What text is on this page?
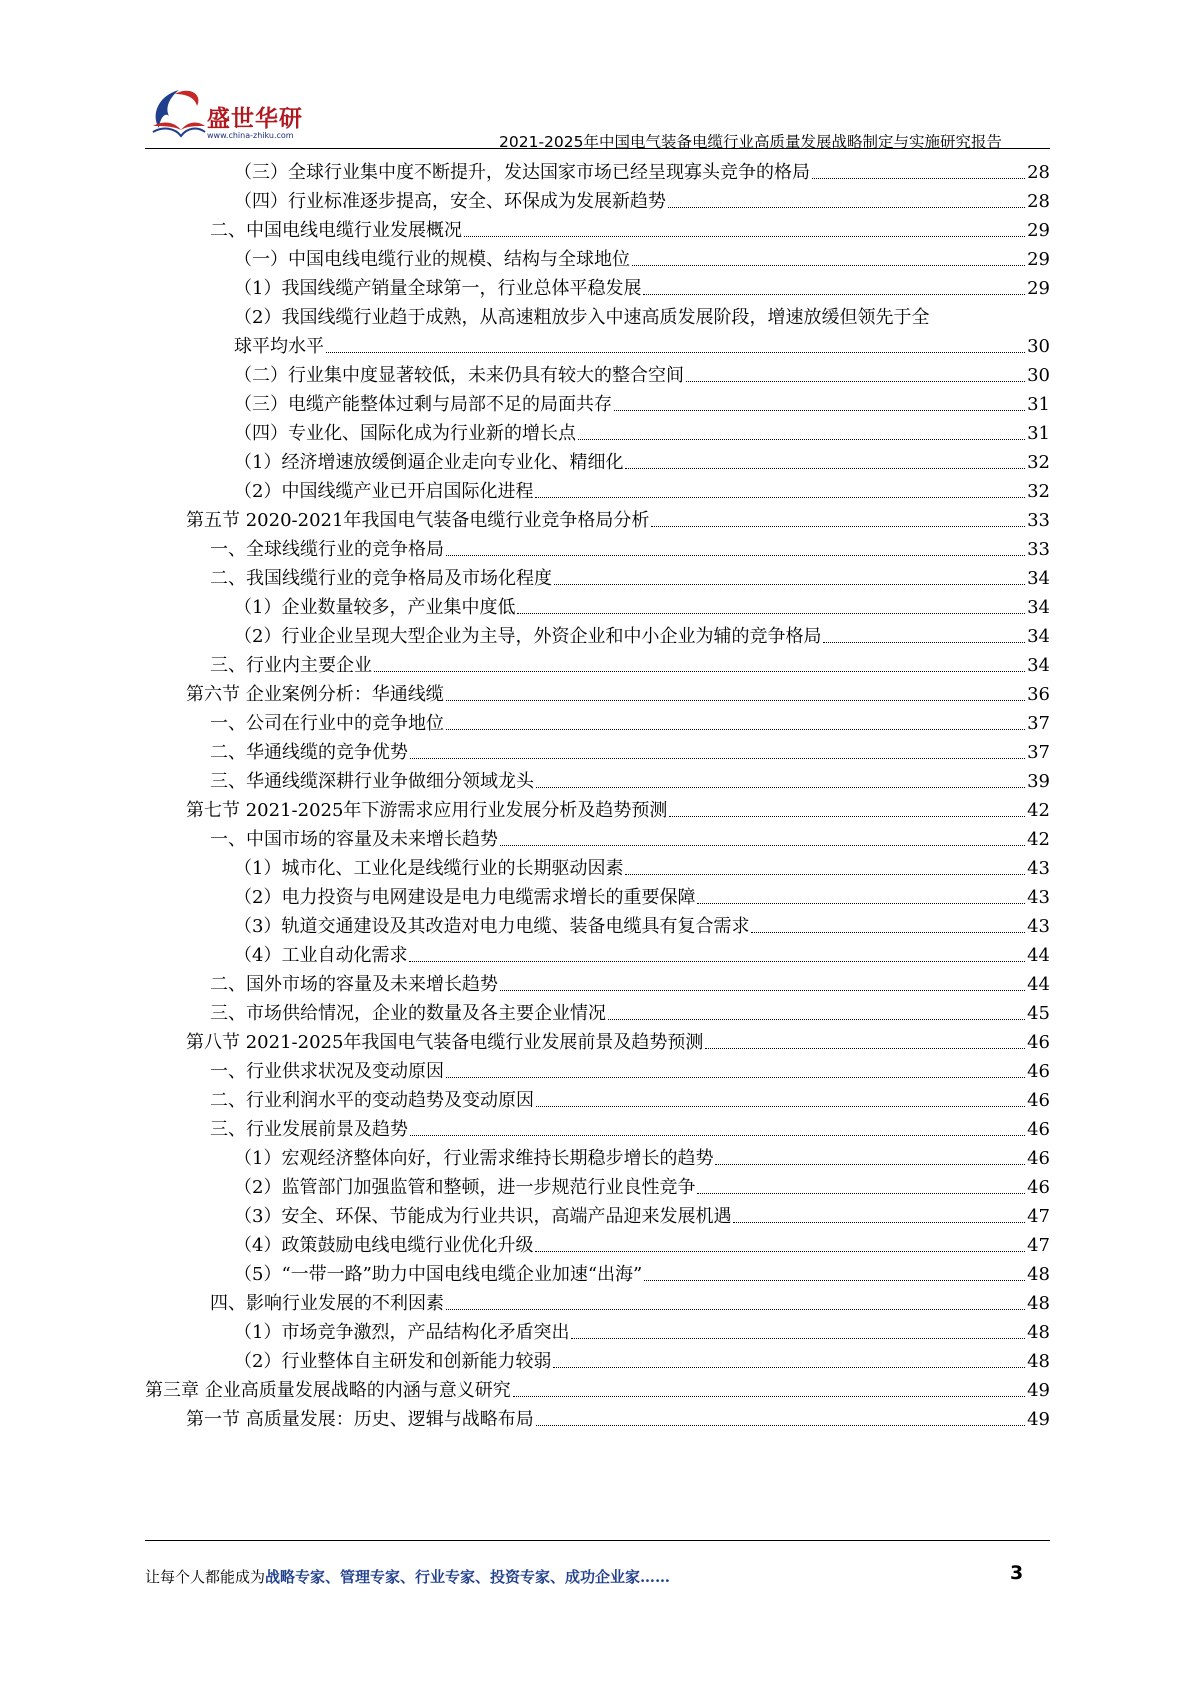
盛世华研
www.china-zhiku.com	2021-2025年中国电气装备电缆行业高质量发展战略制定与实施研究报告
（三）全球行业集中度不断提升，发达国家市场已经呈现寡头竞争的格局	28
（四）行业标准逐步提高，安全、环保成为发展新趋势	28
二、中国电线电缆行业发展概况	29
（一）中国电线电缆行业的规模、结构与全球地位	29
（1）我国线缆产销量全球第一，行业总体平稳发展	29
（2）我国线缆行业趋于成熟，从高速粗放步入中速高质发展阶段，增速放缓但领先于全
球平均水平	30
（二）行业集中度显著较低，未来仍具有较大的整合空间	30
（三）电缆产能整体过剩与局部不足的局面共存	31
（四）专业化、国际化成为行业新的增长点	31
（1）经济增速放缓倒逼企业走向专业化、精细化	32
（2）中国线缆产业已开启国际化进程	32
第五节 2020-2021年我国电气装备电缆行业竞争格局分析	33
一、全球线缆行业的竞争格局	33
二、我国线缆行业的竞争格局及市场化程度	34
（1）企业数量较多，产业集中度低	34
（2）行业企业呈现大型企业为主导，外资企业和中小企业为辅的竞争格局	34
三、行业内主要企业	34
第六节 企业案例分析：华通线缆	36
一、公司在行业中的竞争地位	37
二、华通线缆的竞争优势	37
三、华通线缆深耕行业争做细分领域龙头	39
第七节 2021-2025年下游需求应用行业发展分析及趋势预测	42
一、中国市场的容量及未来增长趋势	42
（1）城市化、工业化是线缆行业的长期驱动因素	43
（2）电力投资与电网建设是电力电缆需求增长的重要保障	43
（3）轨道交通建设及其改造对电力电缆、装备电缆具有复合需求	43
（4）工业自动化需求	44
二、国外市场的容量及未来增长趋势	44
三、市场供给情况，企业的数量及各主要企业情况	45
第八节 2021-2025年我国电气装备电缆行业发展前景及趋势预测	46
一、行业供求状况及变动原因	46
二、行业利润水平的变动趋势及变动原因	46
三、行业发展前景及趋势	46
（1）宏观经济整体向好，行业需求维持长期稳步增长的趋势	46
（2）监管部门加强监管和整顿，进一步规范行业良性竞争	46
（3）安全、环保、节能成为行业共识，高端产品迎来发展机遇	47
（4）政策鼓励电线电缆行业优化升级	47
（5）“一带一路”助力中国电线电缆企业加速“出海”	48
四、影响行业发展的不利因素	48
（1）市场竞争激烈，产品结构化矛盾突出	48
（2）行业整体自主研发和创新能力较弱	48
第三章 企业高质量发展战略的内涵与意义研究	49
第一节 高质量发展：历史、逻辑与战略布局	49
让每个人都能成为战略专家、管理专家、行业专家、投资专家、成功企业家……	3
